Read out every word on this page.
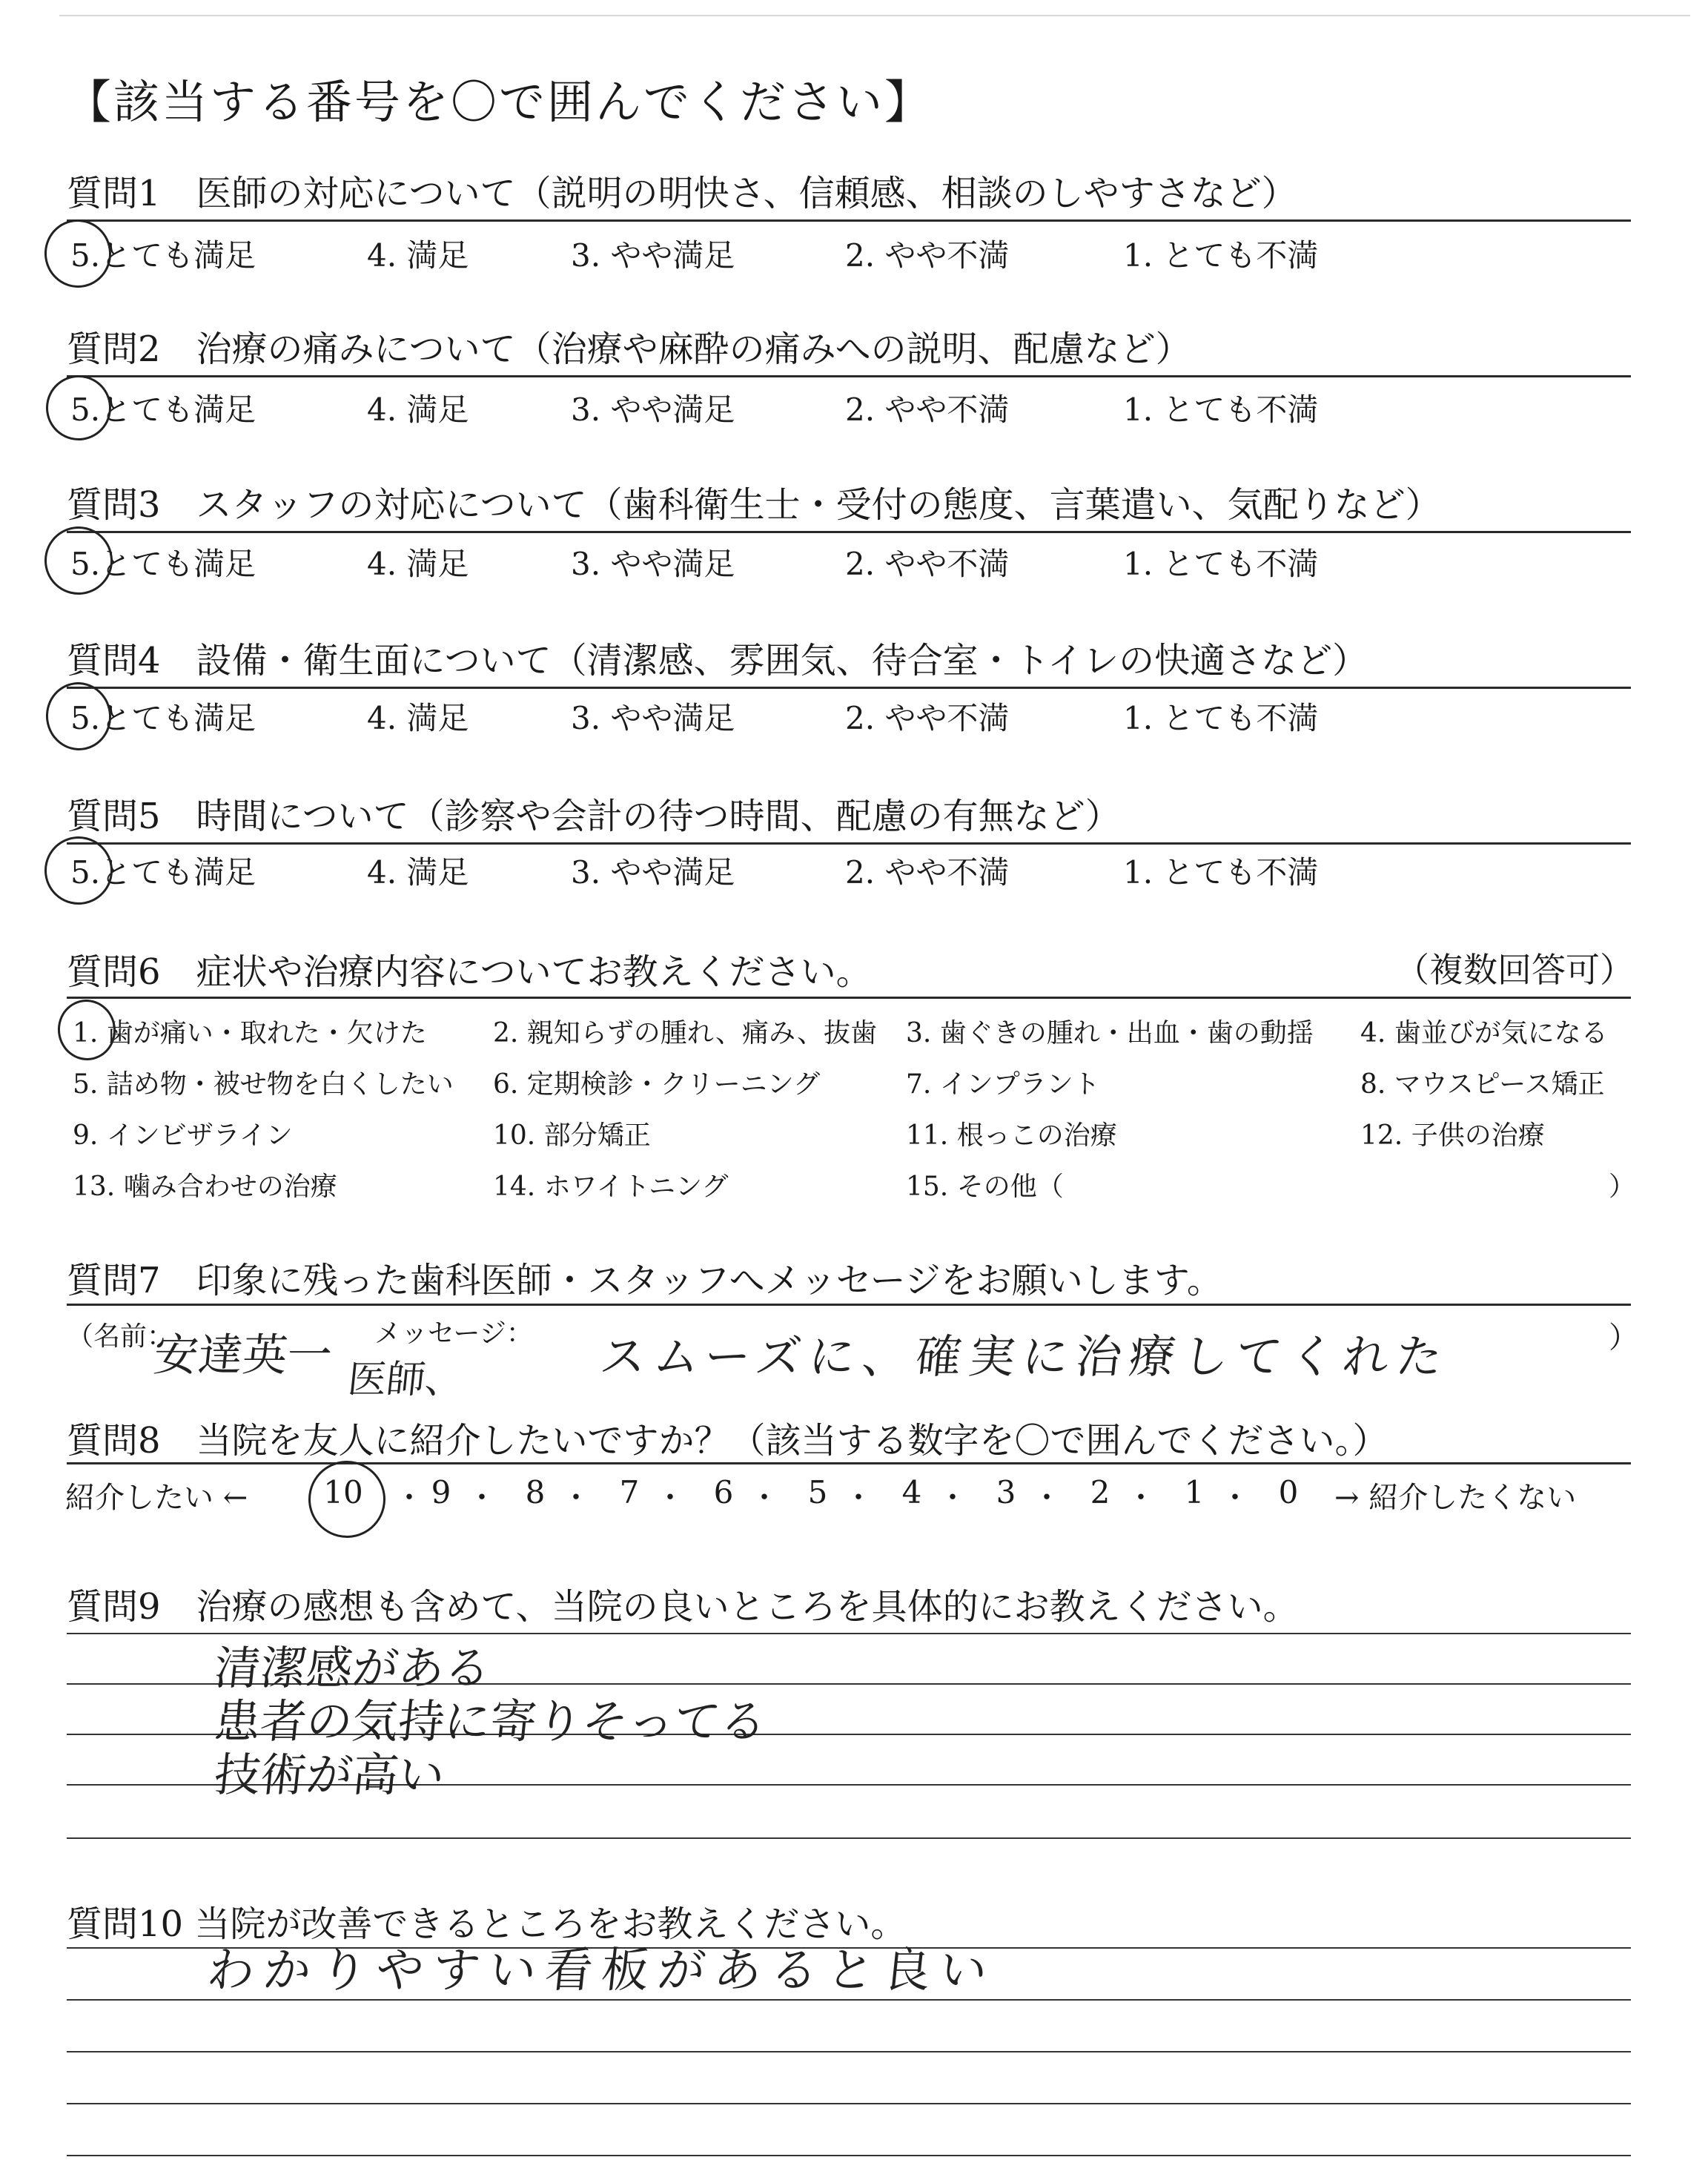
【該当する番号を〇で囲んでください】
質問1　医師の対応について（説明の明快さ、信頼感、相談のしやすさなど）
5.とても満足	4. 満足	3. やや満足	2. やや不満	1. とても不満
質問2　治療の痛みについて（治療や麻酔の痛みへの説明、配慮など）
5.とても満足	4. 満足	3. やや満足	2. やや不満	1. とても不満
質問3　スタッフの対応について（歯科衛生士・受付の態度、言葉遣い、気配りなど）
5.とても満足	4. 満足	3. やや満足	2. やや不満	1. とても不満
質問4　設備・衛生面について（清潔感、雰囲気、待合室・トイレの快適さなど）
5.とても満足	4. 満足	3. やや満足	2. やや不満	1. とても不満
質問5　時間について（診察や会計の待つ時間、配慮の有無など）
5.とても満足	4. 満足	3. やや満足	2. やや不満	1. とても不満
質問6　症状や治療内容についてお教えください。	（複数回答可）
1. 歯が痛い・取れた・欠けた 2. 親知らずの腫れ、痛み、抜歯 3. 歯ぐきの腫れ・出血・歯の動揺 4. 歯並びが気になる
5. 詰め物・被せ物を白くしたい 6. 定期検診・クリーニング	7. インプラント	8. マウスピース矯正
9. インビザライン	10. 部分矯正	11. 根っこの治療	12. 子供の治療
13. 噛み合わせの治療	14. ホワイトニング	15. その他（	）
質問7　印象に残った歯科医師・スタッフへメッセージをお願いします。
（名前：	メッセージ：	）
安達英一 医師、	スムーズに、確実に治療してくれた
質問8　当院を友人に紹介したいですか？（該当する数字を〇で囲んでください。）
紹介したい ←	→ 紹介したくない
10 ・ 9 ・ 8 ・ 7 ・ 6 ・ 5 ・ 4 ・ 3 ・ 2 ・ 1 ・ 0
質問9　治療の感想も含めて、当院の良いところを具体的にお教えください。
清潔感がある
患者の気持に寄りそってる
技術が高い
質問10 当院が改善できるところをお教えください。
わかりやすい看板があると良い
